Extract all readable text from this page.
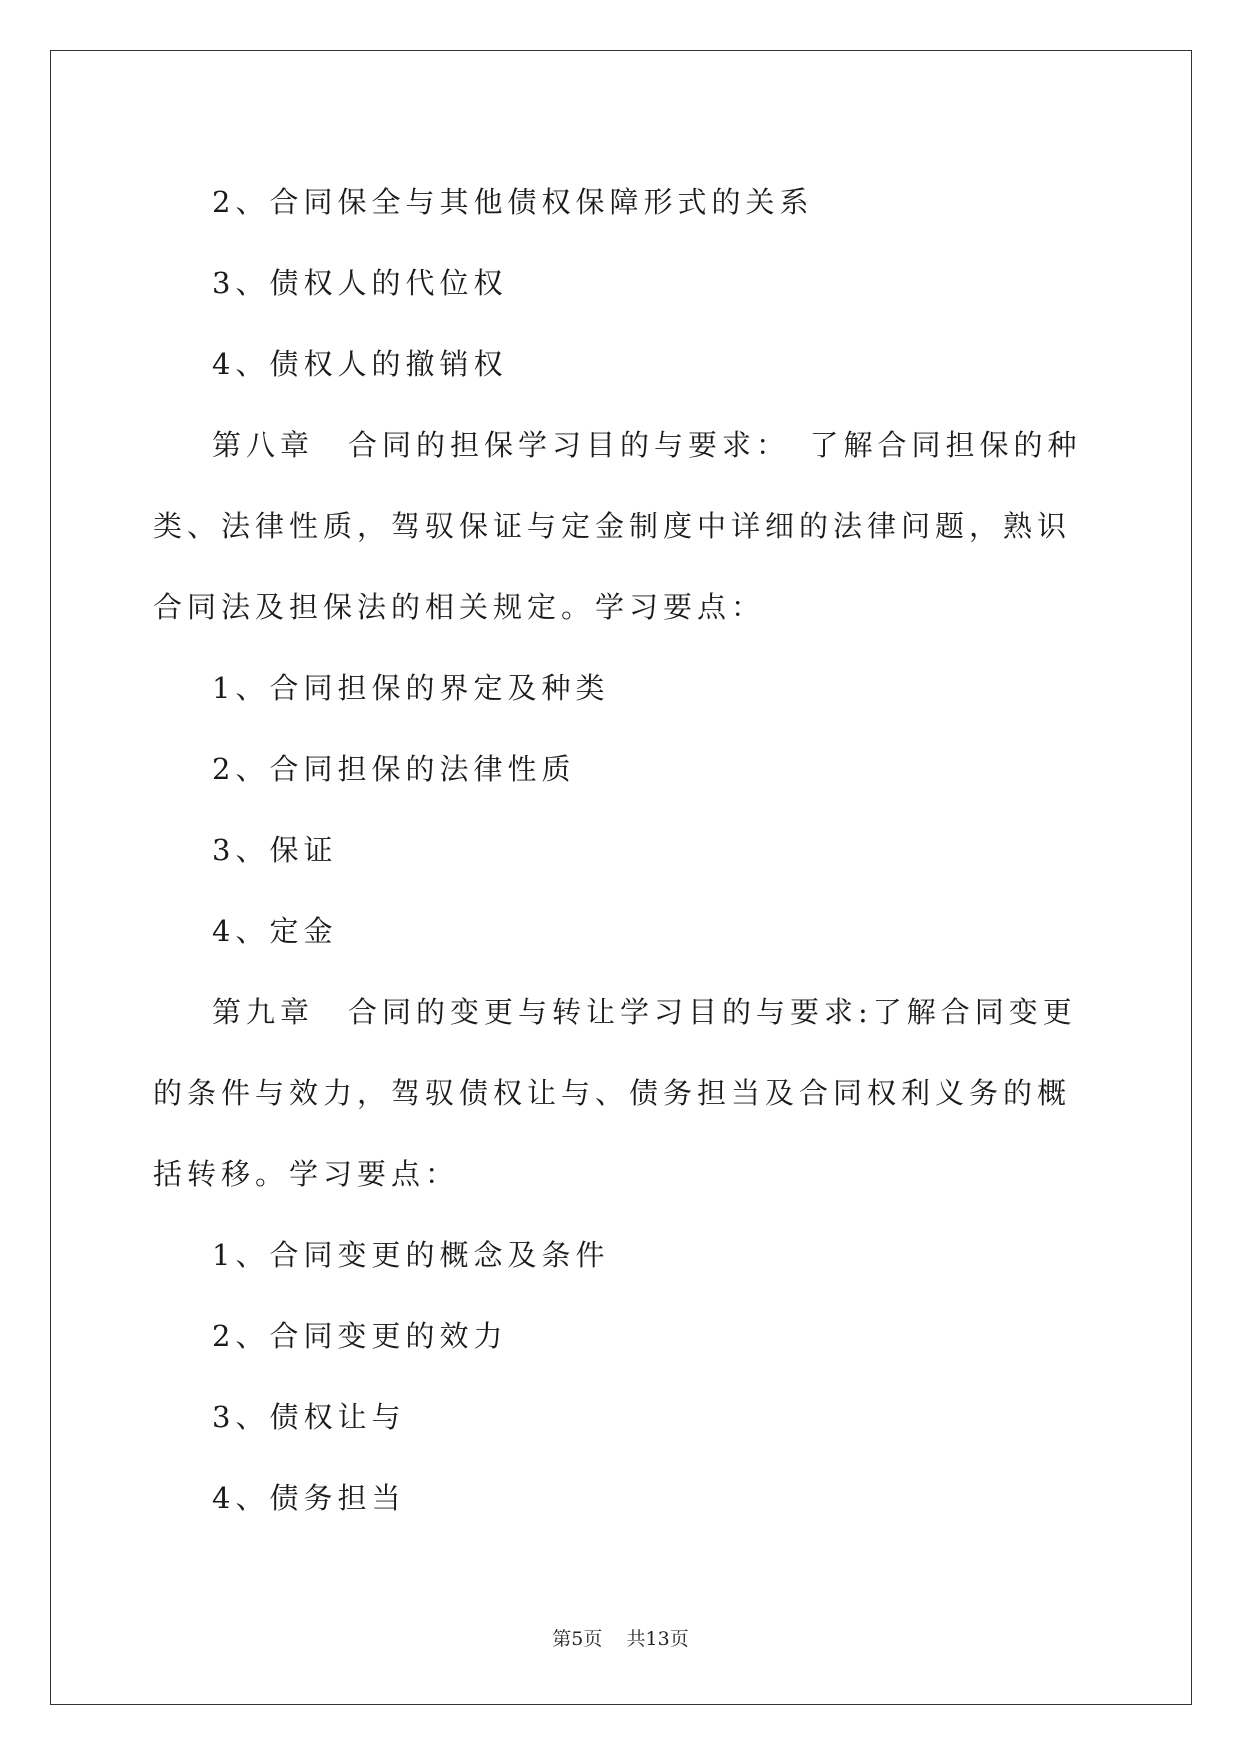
2、合同保全与其他债权保障形式的关系

3、债权人的代位权

4、债权人的撤销权

第八章　合同的担保学习目的与要求：　了解合同担保的种类、法律性质，驾驭保证与定金制度中详细的法律问题，熟识合同法及担保法的相关规定。学习要点：

1、合同担保的界定及种类

2、合同担保的法律性质

3、保证

4、定金

第九章　合同的变更与转让学习目的与要求:了解合同变更的条件与效力，驾驭债权让与、债务担当及合同权利义务的概括转移。学习要点：

1、合同变更的概念及条件

2、合同变更的效力

3、债权让与

4、债务担当

第5页 共13页
